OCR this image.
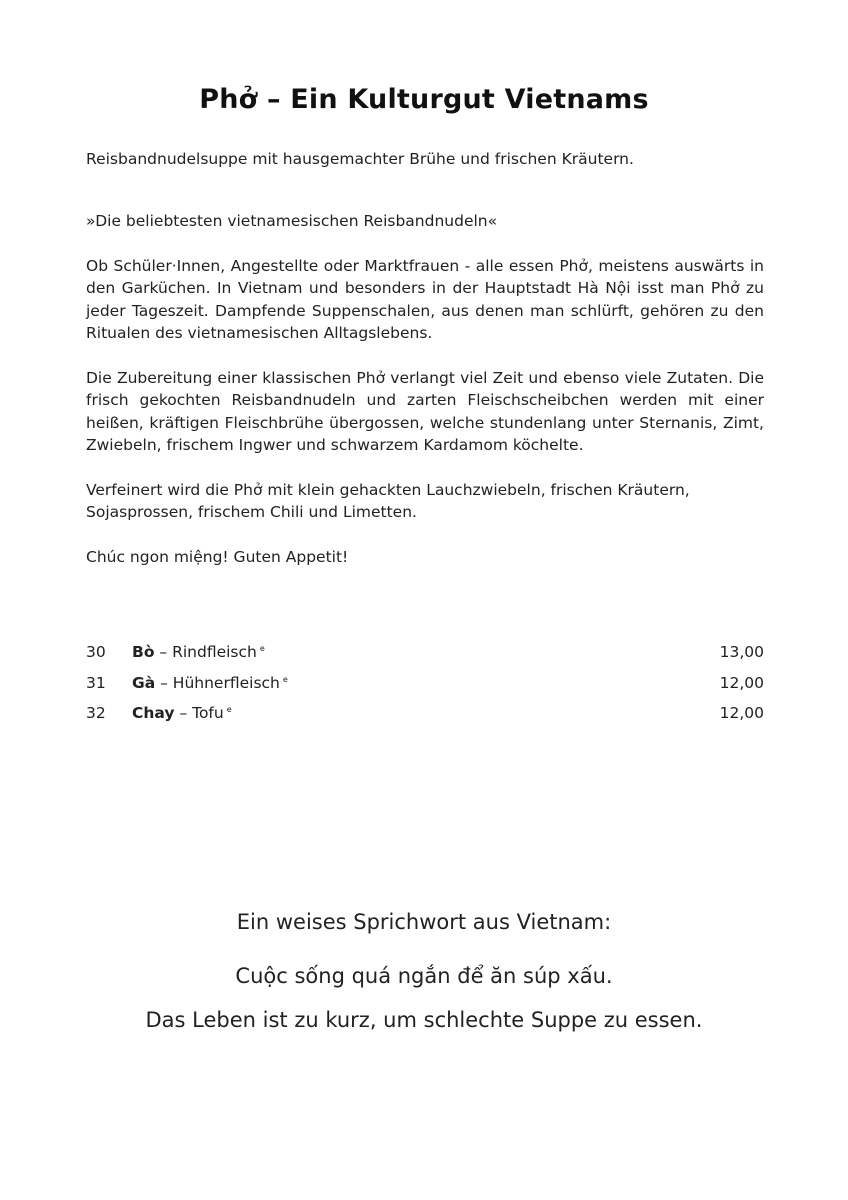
Phở – Ein Kulturgut Vietnams
Reisbandnudelsuppe mit hausgemachter Brühe und frischen Kräutern.

»Die beliebtesten vietnamesischen Reisbandnudeln«

Ob Schüler·Innen, Angestellte oder Marktfrauen - alle essen Phở, meistens auswärts in den Garküchen. In Vietnam und besonders in der Hauptstadt Hà Nội isst man Phở zu jeder Tageszeit. Dampfende Suppenschalen, aus denen man schlürft, gehören zu den Ritualen des vietnamesischen Alltagslebens.

Die Zubereitung einer klassischen Phở verlangt viel Zeit und ebenso viele Zutaten. Die frisch gekochten Reisbandnudeln und zarten Fleischscheibchen werden mit einer heißen, kräftigen Fleischbrühe übergossen, welche stundenlang unter Sternanis, Zimt, Zwiebeln, frischem Ingwer und schwarzem Kardamom köchelte.

Verfeinert wird die Phở mit klein gehackten Lauchzwiebeln, frischen Kräutern, Sojasprossen, frischem Chili und Limetten.

Chúc ngon miệng! Guten Appetit!

30	Bò – Rindfleisch $^e$	13,00
31	Gà – Hühnerfleisch $^e$	12,00
32	Chay – Tofu $^e$	12,00
Ein weises Sprichwort aus Vietnam:
Cuộc sống quá ngắn để ăn súp xấu.
Das Leben ist zu kurz, um schlechte Suppe zu essen.
